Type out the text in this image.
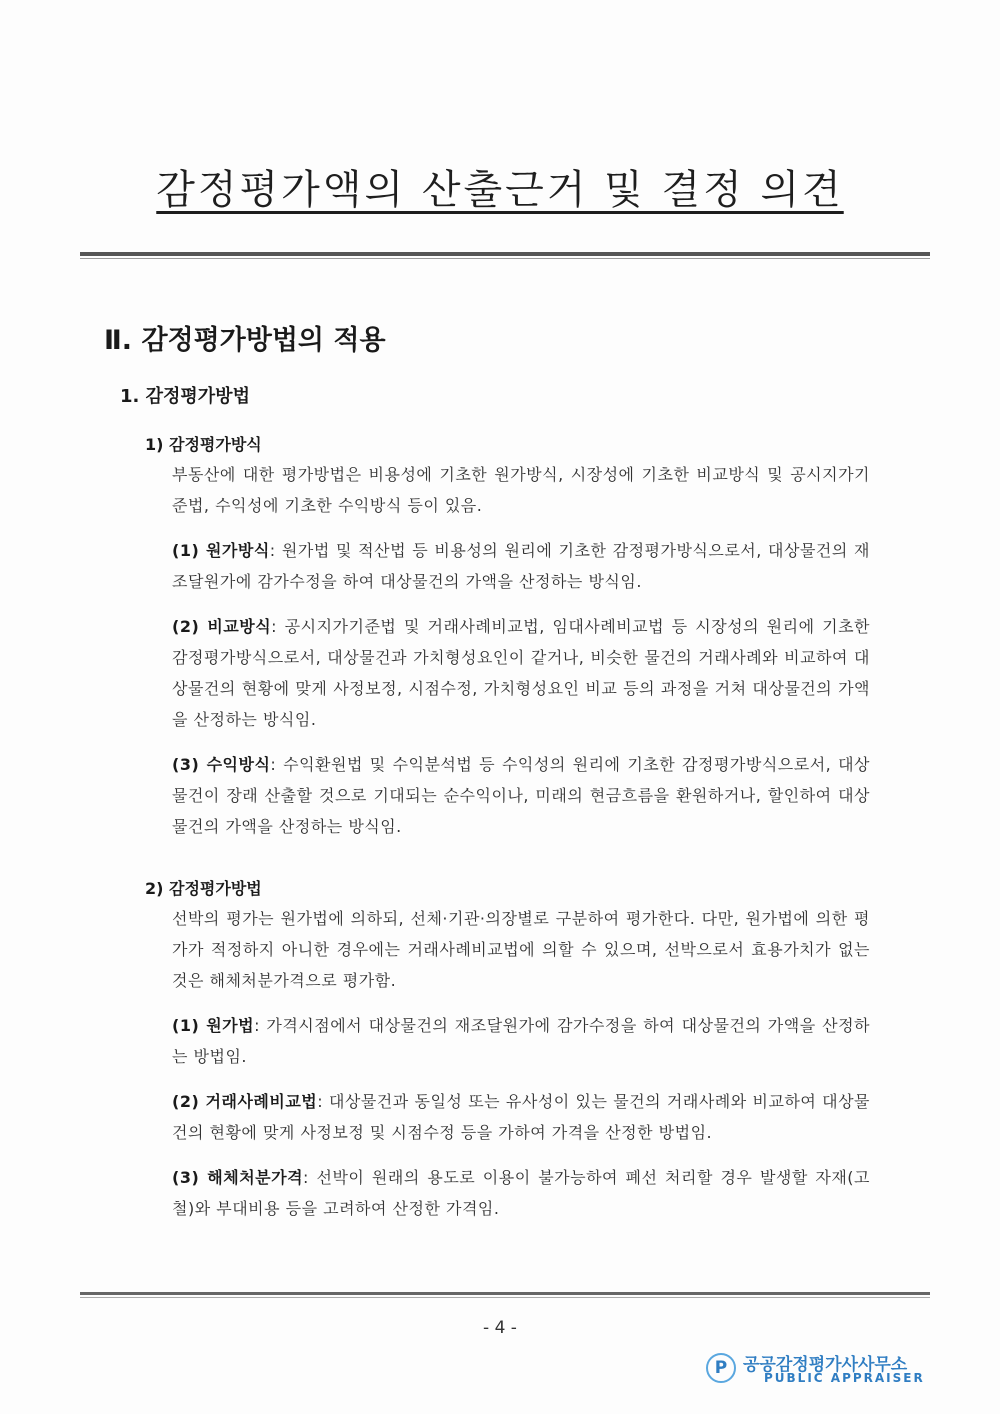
감정평가액의 산출근거 및 결정 의견
Ⅱ. 감정평가방법의 적용
1. 감정평가방법
1) 감정평가방식

부동산에 대한 평가방법은 비용성에 기초한 원가방식, 시장성에 기초한 비교방식 및 공시지가기준법, 수익성에 기초한 수익방식 등이 있음.

(1) 원가방식: 원가법 및 적산법 등 비용성의 원리에 기초한 감정평가방식으로서, 대상물건의 재조달원가에 감가수정을 하여 대상물건의 가액을 산정하는 방식임.

(2) 비교방식: 공시지가기준법 및 거래사례비교법, 임대사례비교법 등 시장성의 원리에 기초한 감정평가방식으로서, 대상물건과 가치형성요인이 같거나, 비슷한 물건의 거래사례와 비교하여 대상물건의 현황에 맞게 사정보정, 시점수정, 가치형성요인 비교 등의 과정을 거쳐 대상물건의 가액을 산정하는 방식임.

(3) 수익방식: 수익환원법 및 수익분석법 등 수익성의 원리에 기초한 감정평가방식으로서, 대상물건이 장래 산출할 것으로 기대되는 순수익이나, 미래의 현금흐름을 환원하거나, 할인하여 대상물건의 가액을 산정하는 방식임.

2) 감정평가방법

선박의 평가는 원가법에 의하되, 선체·기관·의장별로 구분하여 평가한다. 다만, 원가법에 의한 평가가 적정하지 아니한 경우에는 거래사례비교법에 의할 수 있으며, 선박으로서 효용가치가 없는 것은 해체처분가격으로 평가함.

(1) 원가법: 가격시점에서 대상물건의 재조달원가에 감가수정을 하여 대상물건의 가액을 산정하는 방법임.

(2) 거래사례비교법: 대상물건과 동일성 또는 유사성이 있는 물건의 거래사례와 비교하여 대상물건의 현황에 맞게 사정보정 및 시점수정 등을 가하여 가격을 산정한 방법임.

(3) 해체처분가격: 선박이 원래의 용도로 이용이 불가능하여 폐선 처리할 경우 발생할 자재(고철)와 부대비용 등을 고려하여 산정한 가격임.

- 4 -
P 공공감정평가사사무소
PUBLIC APPRAISER
